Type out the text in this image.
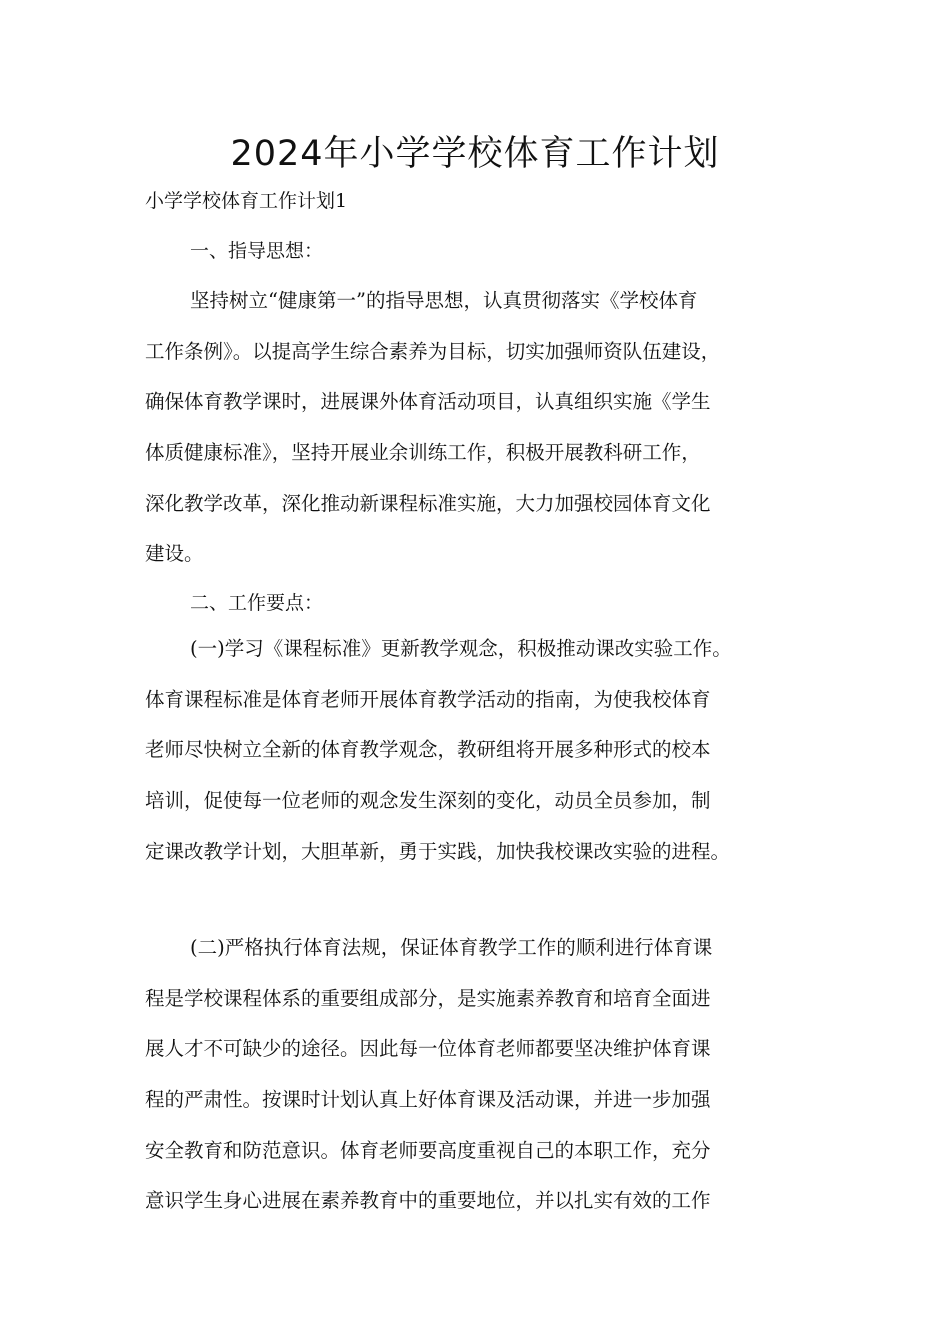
2024年小学学校体育工作计划
小学学校体育工作计划1
一、指导思想：
坚持树立“健康第一”的指导思想，认真贯彻落实《学校体育
工作条例》。以提高学生综合素养为目标，切实加强师资队伍建设，
确保体育教学课时，进展课外体育活动项目，认真组织实施《学生
体质健康标准》，坚持开展业余训练工作，积极开展教科研工作，
深化教学改革，深化推动新课程标准实施，大力加强校园体育文化
建设。
二、工作要点：
(一)学习《课程标准》更新教学观念，积极推动课改实验工作。
体育课程标准是体育老师开展体育教学活动的指南，为使我校体育
老师尽快树立全新的体育教学观念，教研组将开展多种形式的校本
培训，促使每一位老师的观念发生深刻的变化，动员全员参加，制
定课改教学计划，大胆革新，勇于实践，加快我校课改实验的进程。
(二)严格执行体育法规，保证体育教学工作的顺利进行体育课
程是学校课程体系的重要组成部分，是实施素养教育和培育全面进
展人才不可缺少的途径。因此每一位体育老师都要坚决维护体育课
程的严肃性。按课时计划认真上好体育课及活动课，并进一步加强
安全教育和防范意识。体育老师要高度重视自己的本职工作，充分
意识学生身心进展在素养教育中的重要地位，并以扎实有效的工作
